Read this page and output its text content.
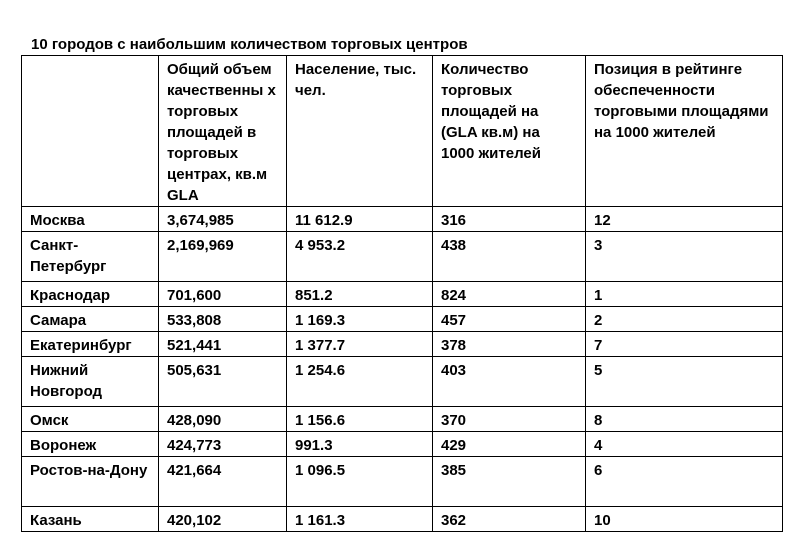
10 городов с наибольшим количеством торговых центров
	Общий объем качественны х торговых площадей в торговых центрах, кв.м GLA	Население, тыс. чел.	Количество торговых площадей на (GLA кв.м) на 1000 жителей	Позиция в рейтинге обеспеченности торговыми площадями на 1000 жителей
Москва	3,674,985	11 612.9	316	12
Санкт-Петербург	2,169,969	4 953.2	438	3
Краснодар	701,600	851.2	824	1
Самара	533,808	1 169.3	457	2
Екатеринбург	521,441	1 377.7	378	7
Нижний Новгород	505,631	1 254.6	403	5
Омск	428,090	1 156.6	370	8
Воронеж	424,773	991.3	429	4
Ростов-на-Дону	421,664	1 096.5	385	6
Казань	420,102	1 161.3	362	10
